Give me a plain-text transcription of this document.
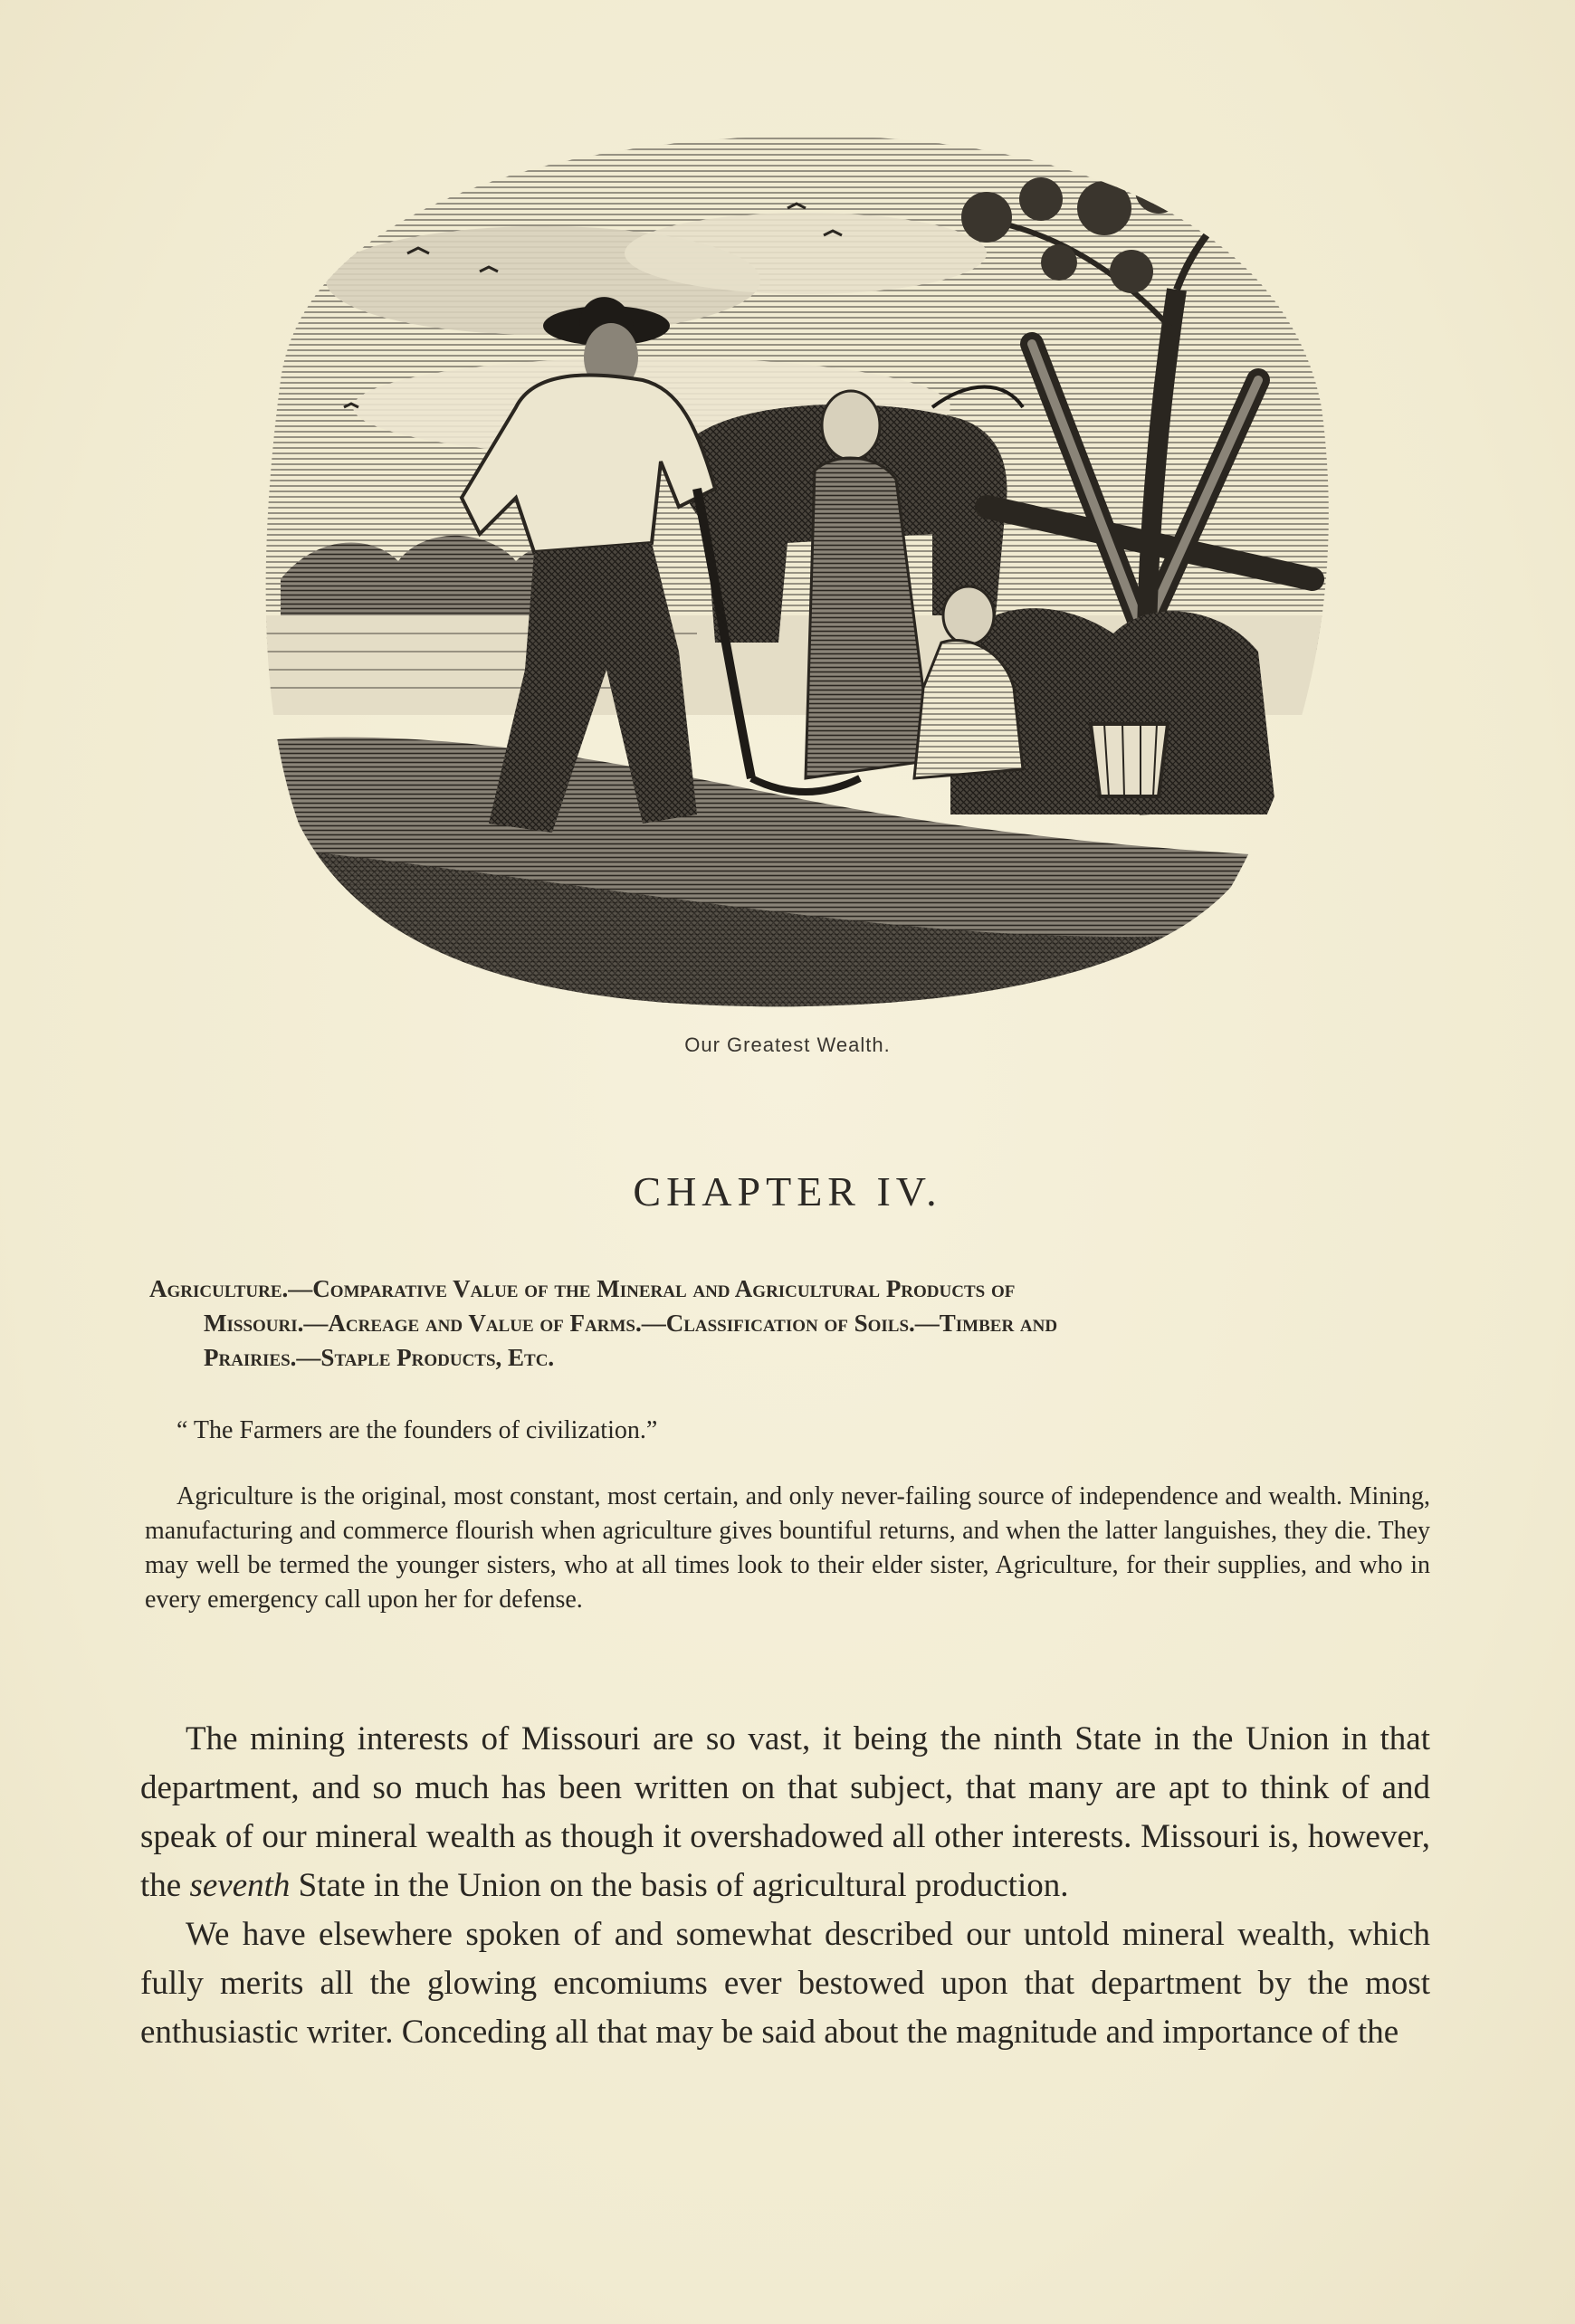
Our Greatest Wealth.
CHAPTER IV.
Agriculture.—Comparative Value of the Mineral and Agricultural Products of
Missouri.—Acreage and Value of Farms.—Classification of Soils.—Timber and
Prairies.—Staple Products, Etc.
“ The Farmers are the founders of civilization.”
Agriculture is the original, most constant, most certain, and only never-failing source of independence and wealth. Mining, manufacturing and commerce flourish when agriculture gives bountiful returns, and when the latter languishes, they die. They may well be termed the younger sisters, who at all times look to their elder sister, Agriculture, for their supplies, and who in every emergency call upon her for defense.

The mining interests of Missouri are so vast, it being the ninth State in the Union in that department, and so much has been written on that subject, that many are apt to think of and speak of our mineral wealth as though it overshadowed all other interests. Missouri is, however, the seventh State in the Union on the basis of agricultural production.

We have elsewhere spoken of and somewhat described our untold mineral wealth, which fully merits all the glowing encomiums ever bestowed upon that department by the most enthusiastic writer. Conceding all that may be said about the magnitude and importance of the
